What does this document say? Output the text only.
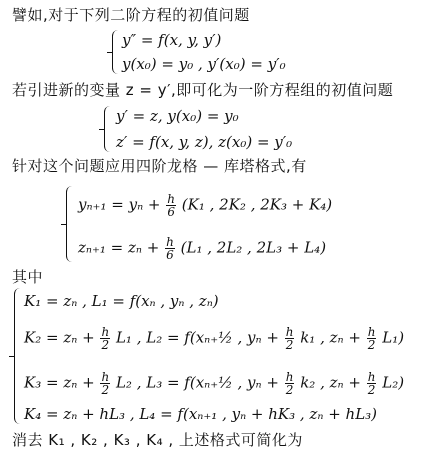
譬如,对于下列二阶方程的初值问题
y″ = f(x, y, y′)
y(x₀) = y₀ , y′(x₀) = y′₀
若引进新的变量 z = y′,即可化为一阶方程组的初值问题
y′ = z, y(x₀) = y₀
z′ = f(x, y, z), z(x₀) = y′₀
针对这个问题应用四阶龙格 — 库塔格式,有
$y_{n+1} = y_n + \frac{h}{6} (K_1$ , 2K₂ , 2K₃ + K₄)
$z_{n+1} = z_n + \frac{h}{6} (L_1$ , 2L₂ , 2L₃ + L₄)
其中
K₁ = zₙ , L₁ = f(xₙ , yₙ , zₙ)
$K_2 = z_n + \frac{h}{2} L_1$ , L₂ = f(xₙ₊½ , $y_n + \frac{h}{2} k_1$ , $z_n + \frac{h}{2} L_1$)
$K_3 = z_n + \frac{h}{2} L_2$ , L₃ = f(xₙ₊½ , $y_n + \frac{h}{2} k_2$ , $z_n + \frac{h}{2} L_2$)
K₄ = zₙ + hL₃ , L₄ = f(xₙ₊₁ , yₙ + hK₃ , zₙ + hL₃)
消去 K₁ , K₂ , K₃ , K₄ , 上述格式可简化为
